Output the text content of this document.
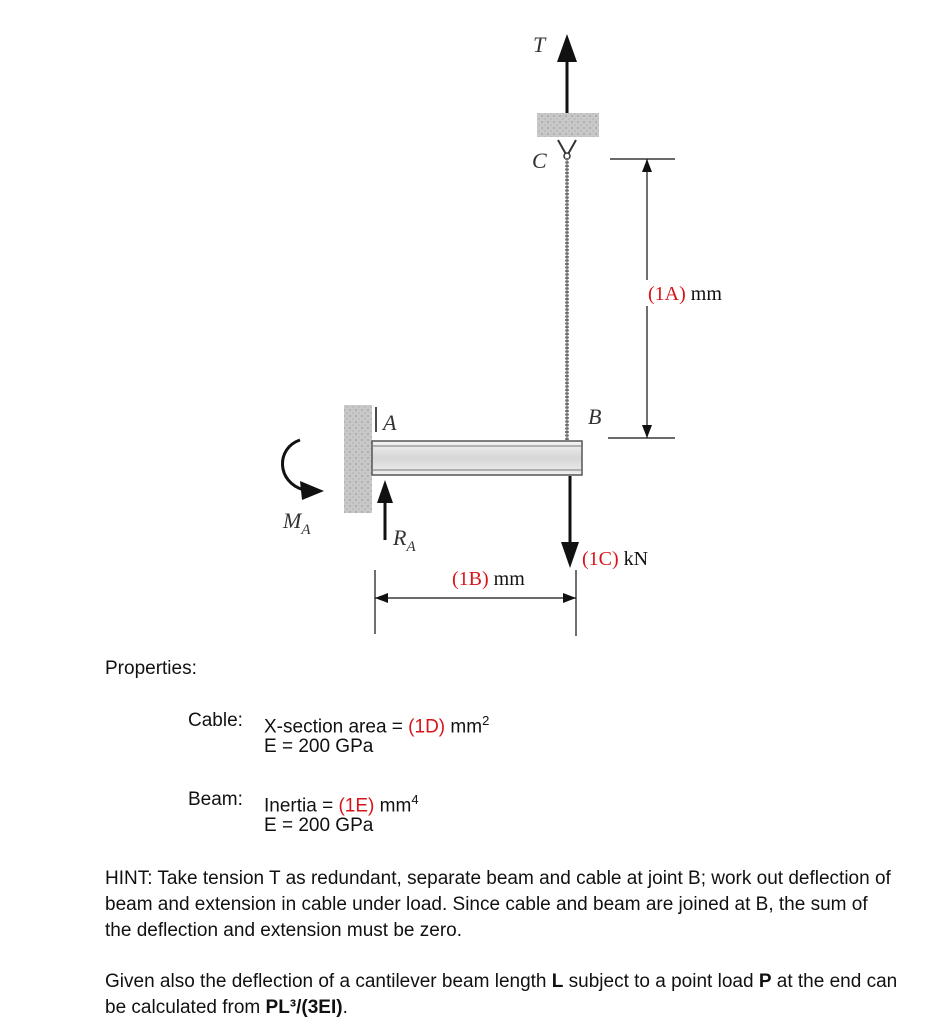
T
C
A	B
(1C) kN
$R_A$
$M_A$
(1A) mm
(1B) mm
Properties:
Cable: X-section area = (1D) $mm^2$
E = 200 GPa
Beam: Inertia = (1E) $mm^4$
E = 200 GPa

HINT: Take tension T as redundant, separate beam and cable at joint B; work out deflection of beam and extension in cable under load. Since cable and beam are joined at B, the sum of the deflection and extension must be zero.

Given also the deflection of a cantilever beam length L subject to a point load P at the end can be calculated from PL³/(3EI).
